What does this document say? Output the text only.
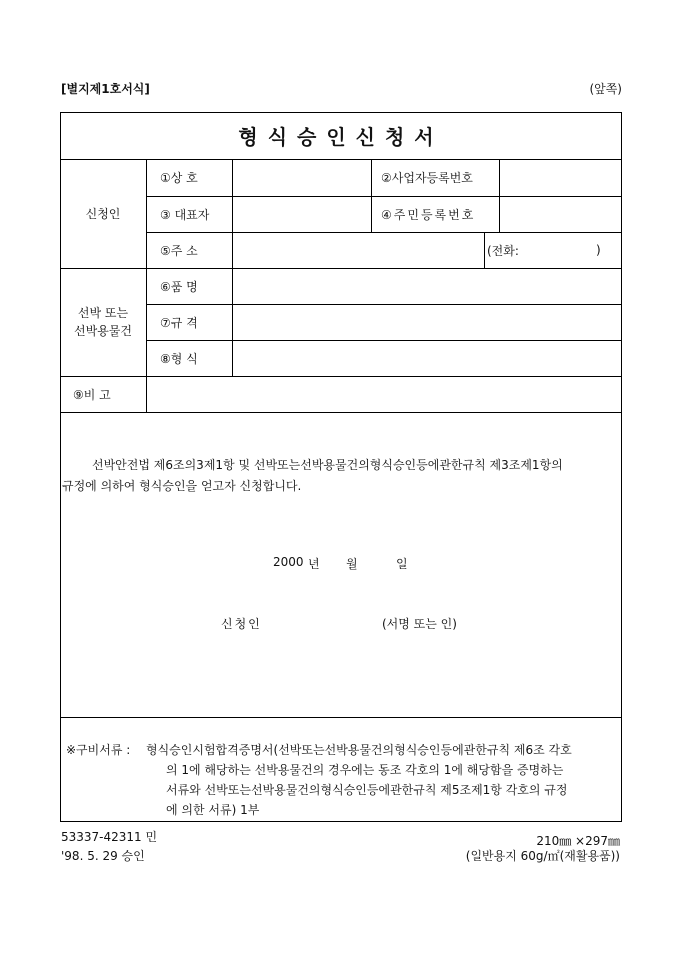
[별지제1호서식]	(앞쪽)
형식승인신청서
신청인
①상 호	②사업자등록번호
③ 대표자	④주민등록번호
⑤주 소	(전화:	)
선박 또는
선박용물건
⑥품 명
⑦규 격
⑧형 식
⑨비 고
선박안전법 제6조의3제1항 및 선박또는선박용물건의형식승인등에관한규칙 제3조제1항의
규정에 의하여 형식승인을 얻고자 신청합니다.
2000 년 월	일
신청인	(서명 또는 인)
※구비서류 :	형식승인시험합격증명서(선박또는선박용물건의형식승인등에관한규칙 제6조 각호
의 1에 해당하는 선박용물건의 경우에는 동조 각호의 1에 해당함을 증명하는
서류와 선박또는선박용물건의형식승인등에관한규칙 제5조제1항 각호의 규정
에 의한 서류) 1부
53337-42311 민
'98. 5. 29 승인
210㎜ ×297㎜
(일반용지 60g/㎡(재활용품))
